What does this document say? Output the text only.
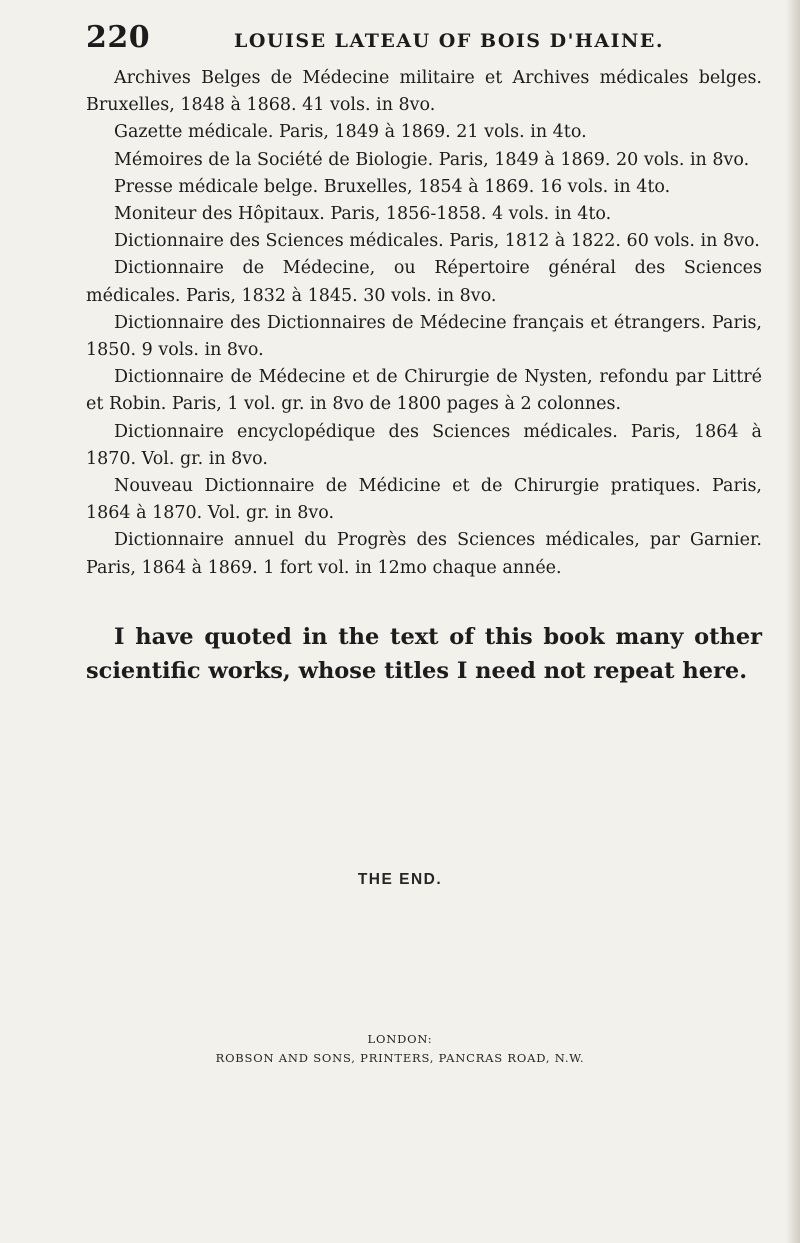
220	LOUISE LATEAU OF BOIS D'HAINE.

Archives Belges de Médecine militaire et Archives médicales belges. Bruxelles, 1848 à 1868. 41 vols. in 8vo.

Gazette médicale. Paris, 1849 à 1869. 21 vols. in 4to.

Mémoires de la Société de Biologie. Paris, 1849 à 1869. 20 vols. in 8vo.

Presse médicale belge. Bruxelles, 1854 à 1869. 16 vols. in 4to.

Moniteur des Hôpitaux. Paris, 1856-1858. 4 vols. in 4to.

Dictionnaire des Sciences médicales. Paris, 1812 à 1822. 60 vols. in 8vo.

Dictionnaire de Médecine, ou Répertoire général des Sciences médicales. Paris, 1832 à 1845. 30 vols. in 8vo.

Dictionnaire des Dictionnaires de Médecine français et étrangers. Paris, 1850. 9 vols. in 8vo.

Dictionnaire de Médecine et de Chirurgie de Nysten, refondu par Littré et Robin. Paris, 1 vol. gr. in 8vo de 1800 pages à 2 colonnes.

Dictionnaire encyclopédique des Sciences médicales. Paris, 1864 à 1870. Vol. gr. in 8vo.

Nouveau Dictionnaire de Médicine et de Chirurgie pratiques. Paris, 1864 à 1870. Vol. gr. in 8vo.

Dictionnaire annuel du Progrès des Sciences médicales, par Garnier. Paris, 1864 à 1869. 1 fort vol. in 12mo chaque année.

I have quoted in the text of this book many other scientific works, whose titles I need not repeat here.

THE END.
LONDON:
ROBSON AND SONS, PRINTERS, PANCRAS ROAD, N.W.
